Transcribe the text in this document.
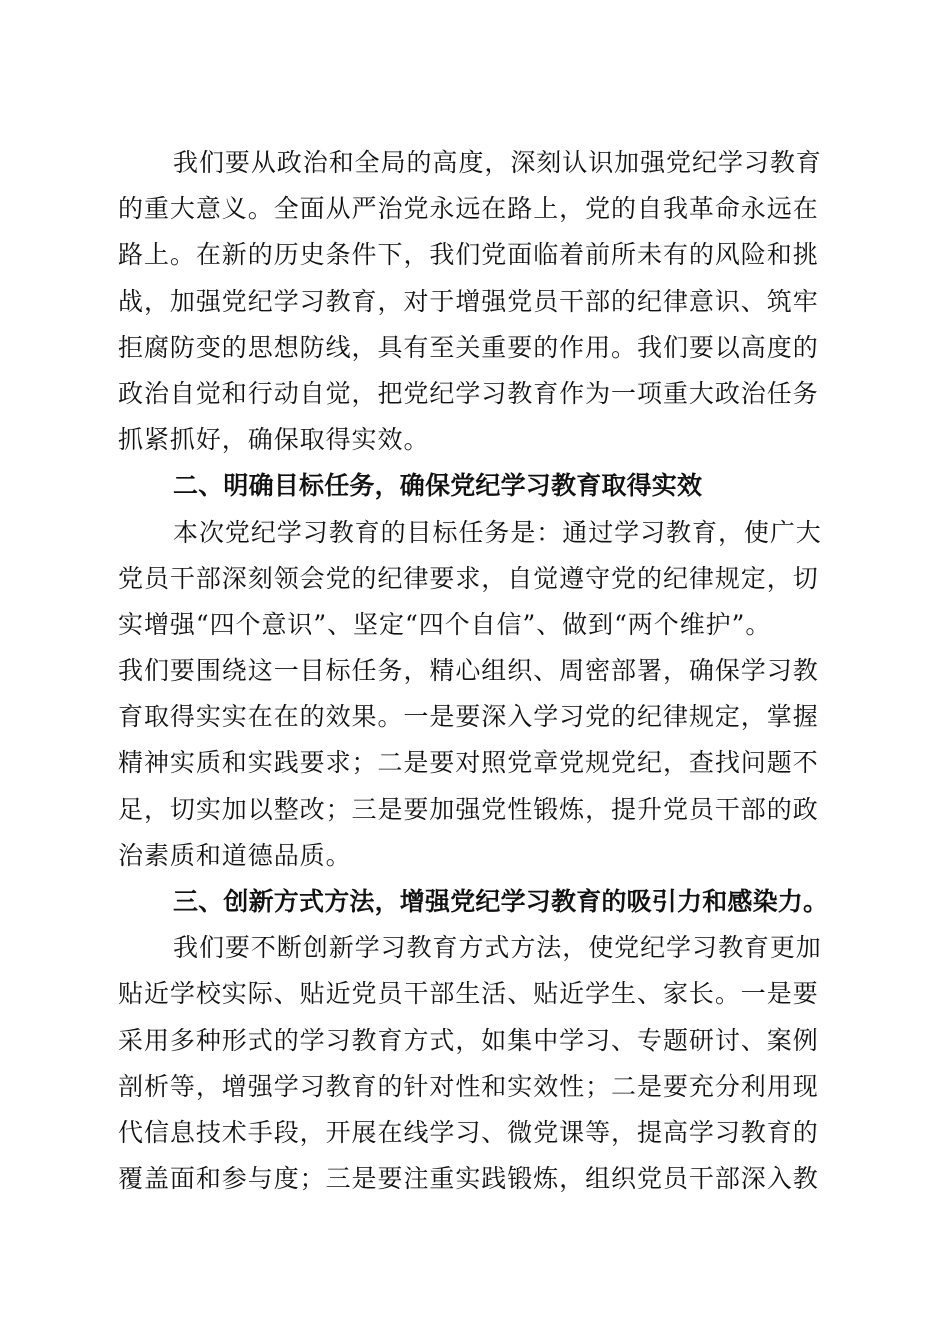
我们要从政治和全局的高度，深刻认识加强党纪学习教育
的重大意义。全面从严治党永远在路上，党的自我革命永远在
路上。在新的历史条件下，我们党面临着前所未有的风险和挑
战，加强党纪学习教育，对于增强党员干部的纪律意识、筑牢
拒腐防变的思想防线，具有至关重要的作用。我们要以高度的
政治自觉和行动自觉，把党纪学习教育作为一项重大政治任务
抓紧抓好，确保取得实效。
二、明确目标任务，确保党纪学习教育取得实效
本次党纪学习教育的目标任务是：通过学习教育，使广大
党员干部深刻领会党的纪律要求，自觉遵守党的纪律规定，切
实增强“四个意识”、坚定“四个自信”、做到“两个维护”。
我们要围绕这一目标任务，精心组织、周密部署，确保学习教
育取得实实在在的效果。一是要深入学习党的纪律规定，掌握
精神实质和实践要求；二是要对照党章党规党纪，查找问题不
足，切实加以整改；三是要加强党性锻炼，提升党员干部的政
治素质和道德品质。
三、创新方式方法，增强党纪学习教育的吸引力和感染力。
我们要不断创新学习教育方式方法，使党纪学习教育更加
贴近学校实际、贴近党员干部生活、贴近学生、家长。一是要
采用多种形式的学习教育方式，如集中学习、专题研讨、案例
剖析等，增强学习教育的针对性和实效性；二是要充分利用现
代信息技术手段，开展在线学习、微党课等，提高学习教育的
覆盖面和参与度；三是要注重实践锻炼，组织党员干部深入教
